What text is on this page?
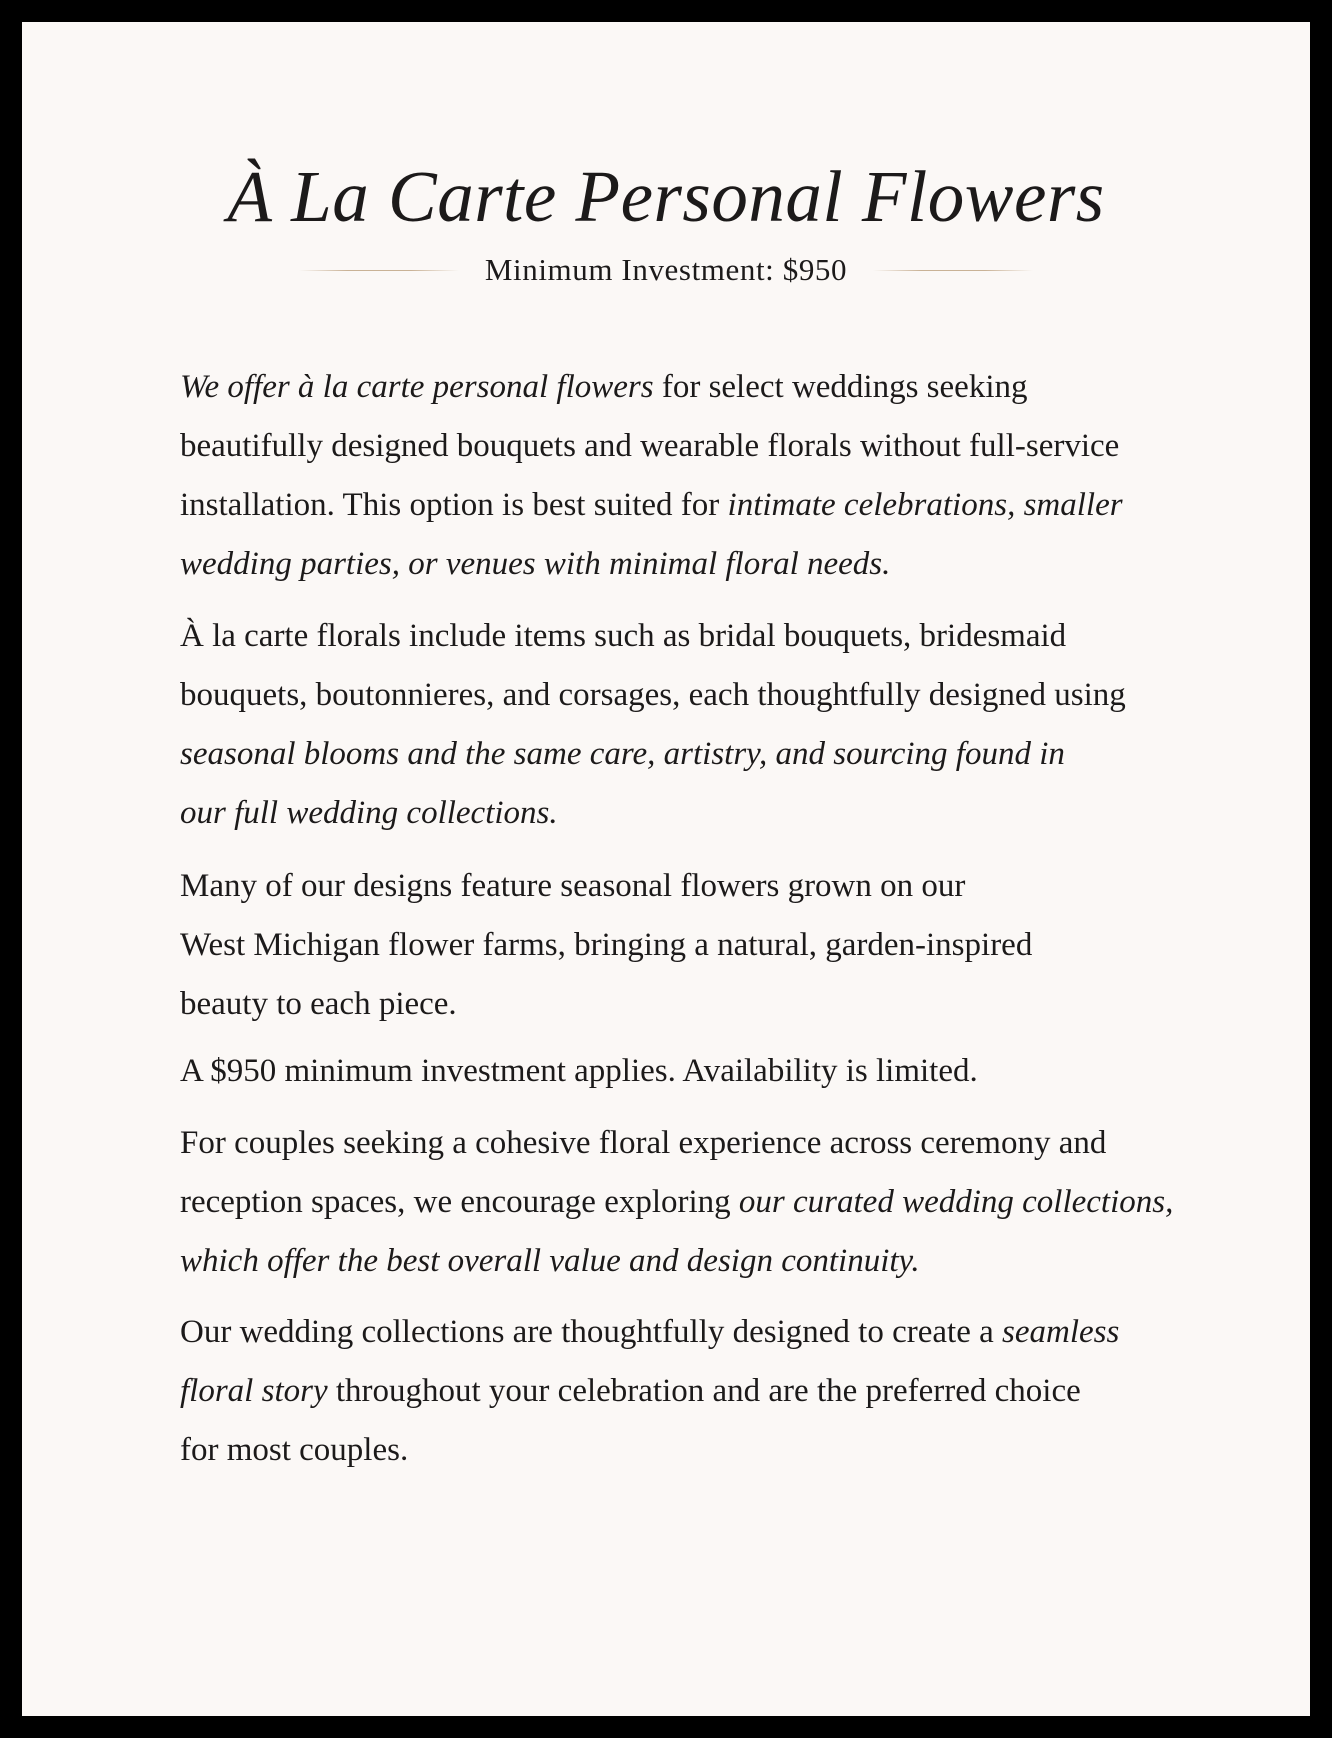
À La Carte Personal Flowers
Minimum Investment: $950

We offer à la carte personal flowers for select weddings seeking
beautifully designed bouquets and wearable florals without full-service
installation. This option is best suited for intimate celebrations, smaller
wedding parties, or venues with minimal floral needs.

À la carte florals include items such as bridal bouquets, bridesmaid
bouquets, boutonnieres, and corsages, each thoughtfully designed using
seasonal blooms and the same care, artistry, and sourcing found in
our full wedding collections.

Many of our designs feature seasonal flowers grown on our
West Michigan flower farms, bringing a natural, garden-inspired
beauty to each piece.

A $950 minimum investment applies. Availability is limited.

For couples seeking a cohesive floral experience across ceremony and
reception spaces, we encourage exploring our curated wedding collections,
which offer the best overall value and design continuity.

Our wedding collections are thoughtfully designed to create a seamless
floral story throughout your celebration and are the preferred choice
for most couples.
